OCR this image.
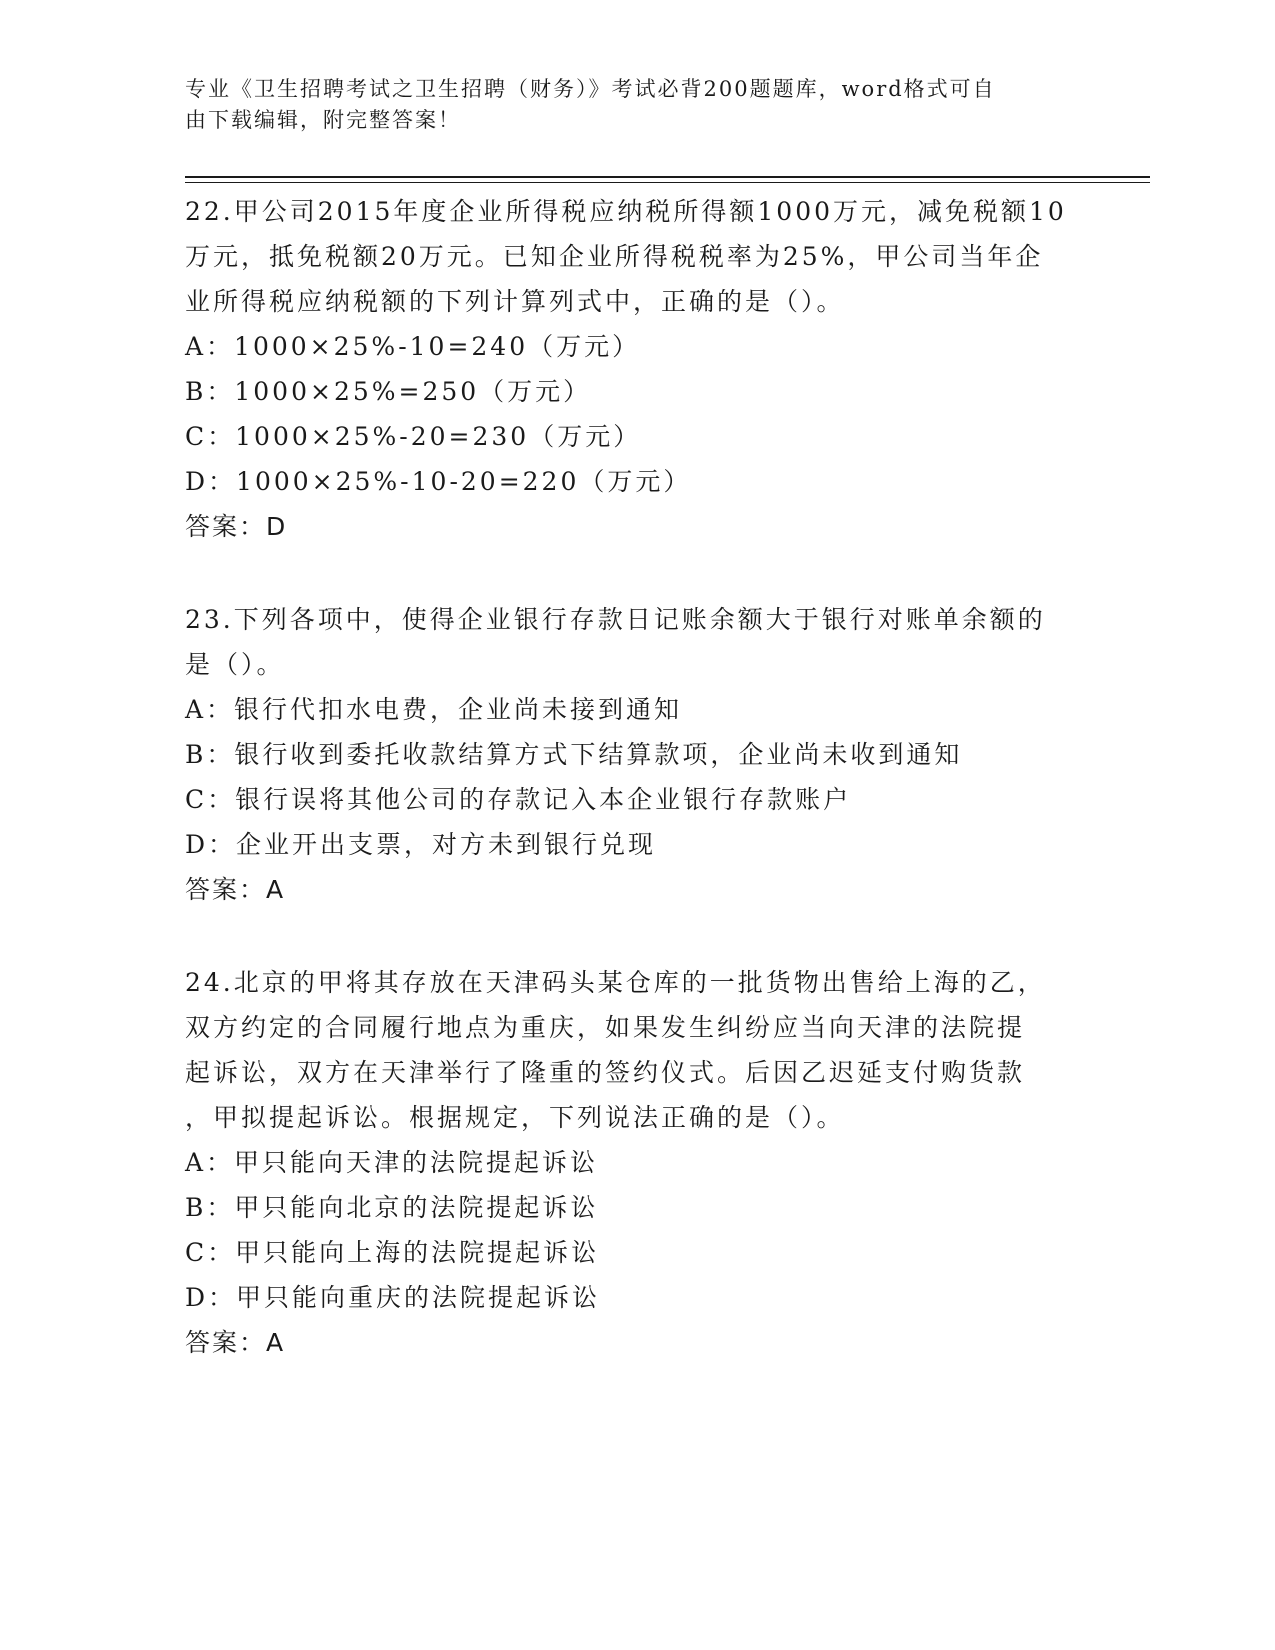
专业《卫生招聘考试之卫生招聘（财务）》考试必背200题题库，word格式可自
由下载编辑，附完整答案！

22.甲公司2015年度企业所得税应纳税所得额1000万元，减免税额10

万元，抵免税额20万元。已知企业所得税税率为25%，甲公司当年企

业所得税应纳税额的下列计算列式中，正确的是（）。

A：1000×25%-10=240（万元）

B：1000×25%=250（万元）

C：1000×25%-20=230（万元）

D：1000×25%-10-20=220（万元）

答案：D

23.下列各项中，使得企业银行存款日记账余额大于银行对账单余额的

是（）。

A：银行代扣水电费，企业尚未接到通知

B：银行收到委托收款结算方式下结算款项，企业尚未收到通知

C：银行误将其他公司的存款记入本企业银行存款账户

D：企业开出支票，对方未到银行兑现

答案：A

24.北京的甲将其存放在天津码头某仓库的一批货物出售给上海的乙，

双方约定的合同履行地点为重庆，如果发生纠纷应当向天津的法院提

起诉讼，双方在天津举行了隆重的签约仪式。后因乙迟延支付购货款

，甲拟提起诉讼。根据规定，下列说法正确的是（）。

A：甲只能向天津的法院提起诉讼

B：甲只能向北京的法院提起诉讼

C：甲只能向上海的法院提起诉讼

D：甲只能向重庆的法院提起诉讼

答案：A
